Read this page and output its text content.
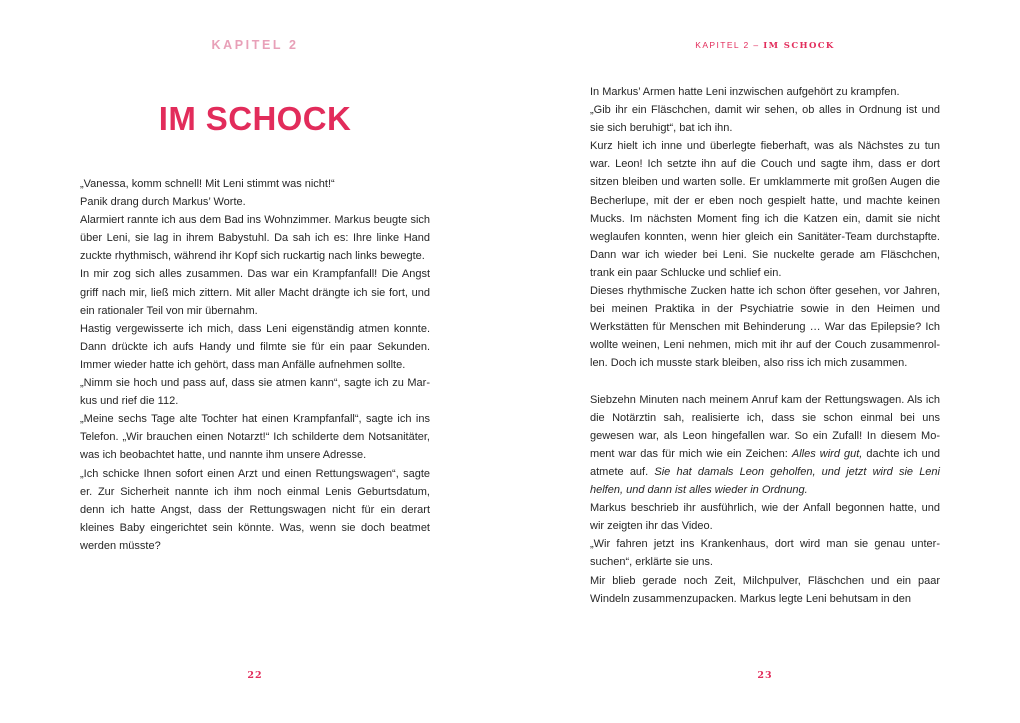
KAPITEL 2
IM SCHOCK

„Vanessa, komm schnell! Mit Leni stimmt was nicht!“

Panik drang durch Markus’ Worte.

Alarmiert rannte ich aus dem Bad ins Wohnzimmer. Markus beugte sich über Leni, sie lag in ihrem Babystuhl. Da sah ich es: Ihre linke Hand zuckte rhythmisch, während ihr Kopf sich ruckartig nach links bewegte.

In mir zog sich alles zusammen. Das war ein Krampfanfall! Die Angst griff nach mir, ließ mich zittern. Mit aller Macht drängte ich sie fort, und ein rationaler Teil von mir übernahm.

Hastig vergewisserte ich mich, dass Leni eigenständig atmen konnte. Dann drückte ich aufs Handy und filmte sie für ein paar Sekunden. Immer wieder hatte ich gehört, dass man Anfälle aufnehmen sollte.

„Nimm sie hoch und pass auf, dass sie atmen kann“, sagte ich zu Markus und rief die 112.

„Meine sechs Tage alte Tochter hat einen Krampfanfall“, sagte ich ins Telefon. „Wir brauchen einen Notarzt!“ Ich schilderte dem Notsanitäter, was ich beobachtet hatte, und nannte ihm unsere Adresse.

„Ich schicke Ihnen sofort einen Arzt und einen Rettungswagen“, sagte er. Zur Sicherheit nannte ich ihm noch einmal Lenis Geburtsdatum, denn ich hatte Angst, dass der Rettungswagen nicht für ein derart kleines Baby eingerichtet sein könnte. Was, wenn sie doch beatmet werden müsste?

22
KAPITEL 2 – IM SCHOCK

In Markus’ Armen hatte Leni inzwischen aufgehört zu krampfen.

„Gib ihr ein Fläschchen, damit wir sehen, ob alles in Ordnung ist und sie sich beruhigt“, bat ich ihn.

Kurz hielt ich inne und überlegte fieberhaft, was als Nächstes zu tun war. Leon! Ich setzte ihn auf die Couch und sagte ihm, dass er dort sitzen bleiben und warten solle. Er umklammerte mit großen Augen die Becherlupe, mit der er eben noch gespielt hatte, und machte keinen Mucks. Im nächsten Moment fing ich die Katzen ein, damit sie nicht weglaufen konnten, wenn hier gleich ein Sanitäter-Team durchstapfte. Dann war ich wieder bei Leni. Sie nuckelte gerade am Fläschchen, trank ein paar Schlucke und schlief ein.

Dieses rhythmische Zucken hatte ich schon öfter gesehen, vor Jahren, bei meinen Praktika in der Psychiatrie sowie in den Heimen und Werkstätten für Menschen mit Behinderung … War das Epilepsie? Ich wollte weinen, Leni nehmen, mich mit ihr auf der Couch zusammenrollen. Doch ich musste stark bleiben, also riss ich mich zusammen.

Siebzehn Minuten nach meinem Anruf kam der Rettungswagen. Als ich die Notärztin sah, realisierte ich, dass sie schon einmal bei uns gewesen war, als Leon hingefallen war. So ein Zufall! In diesem Moment war das für mich wie ein Zeichen: Alles wird gut, dachte ich und atmete auf. Sie hat damals Leon geholfen, und jetzt wird sie Leni helfen, und dann ist alles wieder in Ordnung.

Markus beschrieb ihr ausführlich, wie der Anfall begonnen hatte, und wir zeigten ihr das Video.

„Wir fahren jetzt ins Krankenhaus, dort wird man sie genau untersuchen“, erklärte sie uns.

Mir blieb gerade noch Zeit, Milchpulver, Fläschchen und ein paar Windeln zusammenzupacken. Markus legte Leni behutsam in den

23
